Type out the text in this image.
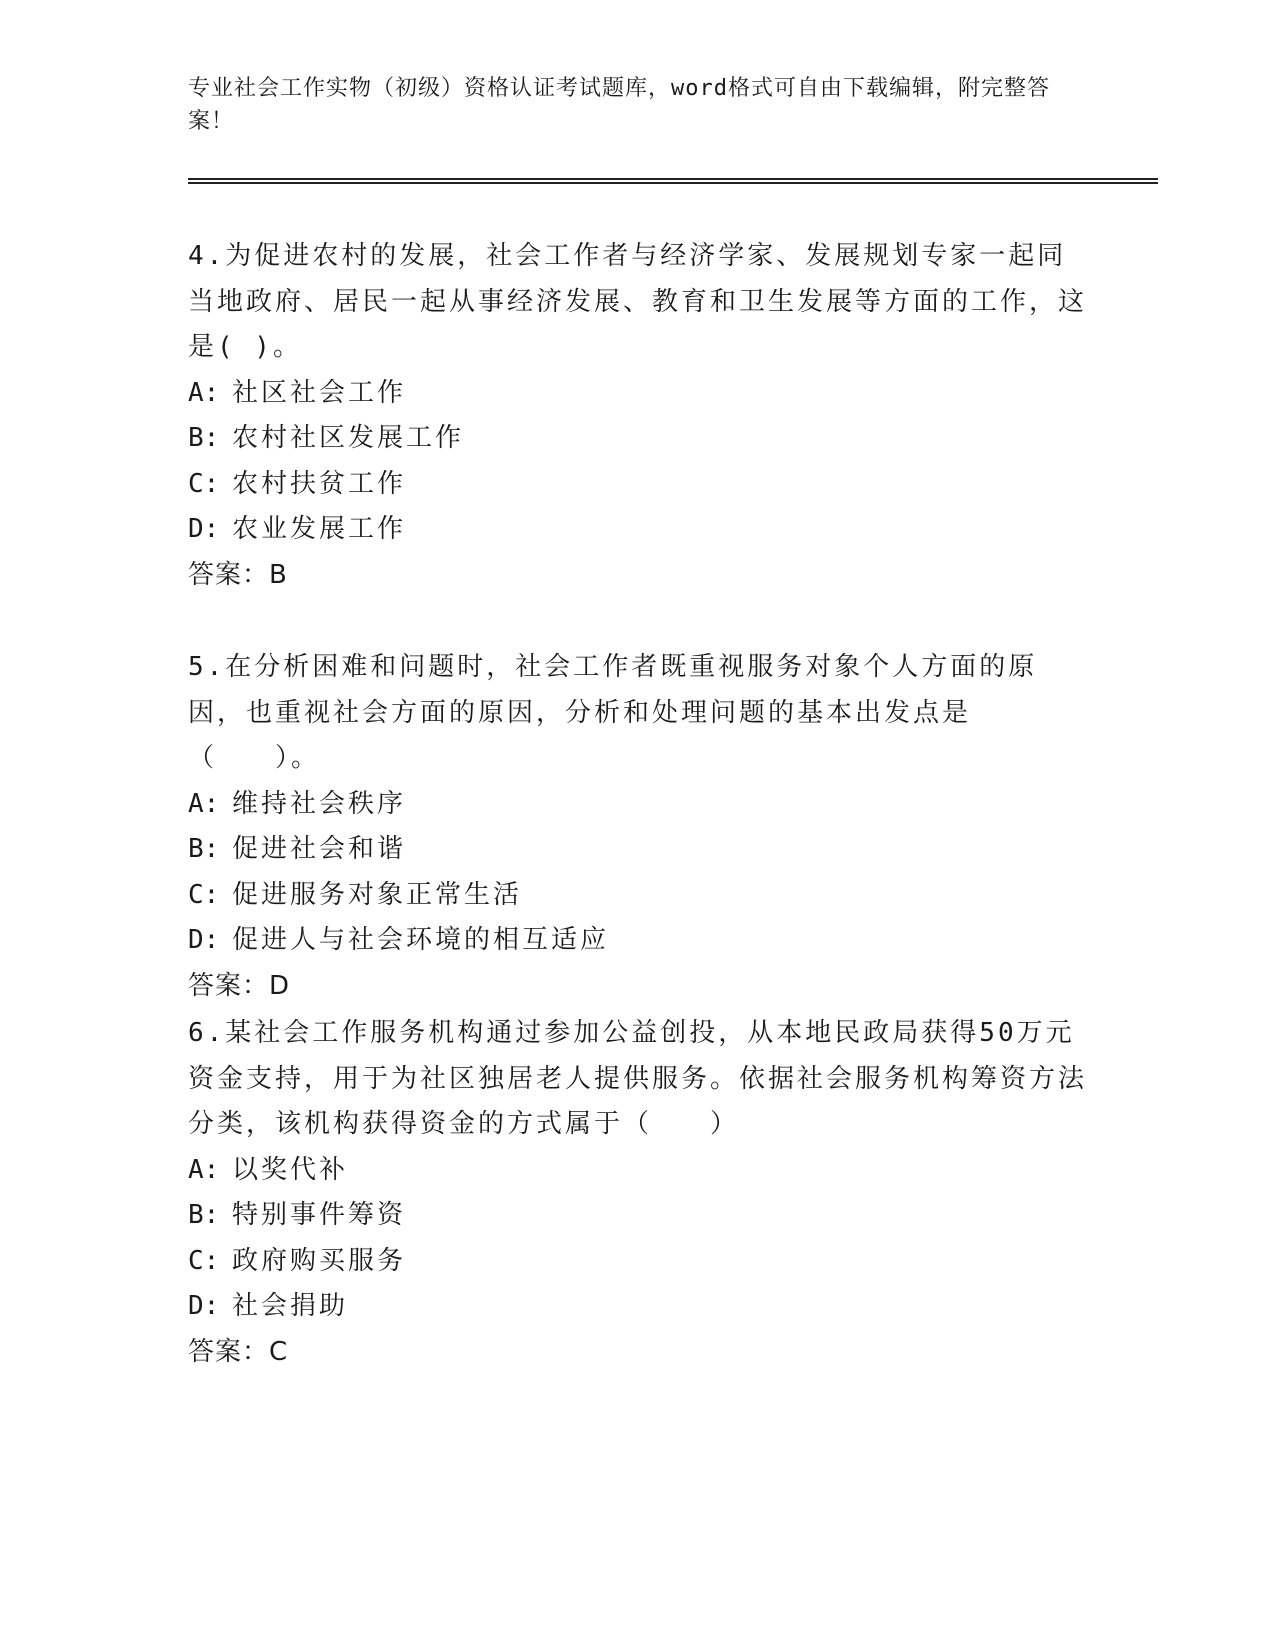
专业社会工作实物（初级）资格认证考试题库，word格式可自由下载编辑，附完整答案！
4.为促进农村的发展，社会工作者与经济学家、发展规划专家一起同当地政府、居民一起从事经济发展、教育和卫生发展等方面的工作，这是( )。
A: 社区社会工作
B: 农村社区发展工作
C: 农村扶贫工作
D: 农业发展工作
答案：B
5.在分析困难和问题时，社会工作者既重视服务对象个人方面的原因，也重视社会方面的原因，分析和处理问题的基本出发点是（　　）。
A: 维持社会秩序
B: 促进社会和谐
C: 促进服务对象正常生活
D: 促进人与社会环境的相互适应
答案：D
6.某社会工作服务机构通过参加公益创投，从本地民政局获得50万元资金支持，用于为社区独居老人提供服务。依据社会服务机构筹资方法分类，该机构获得资金的方式属于（　　）
A: 以奖代补
B: 特别事件筹资
C: 政府购买服务
D: 社会捐助
答案：C
